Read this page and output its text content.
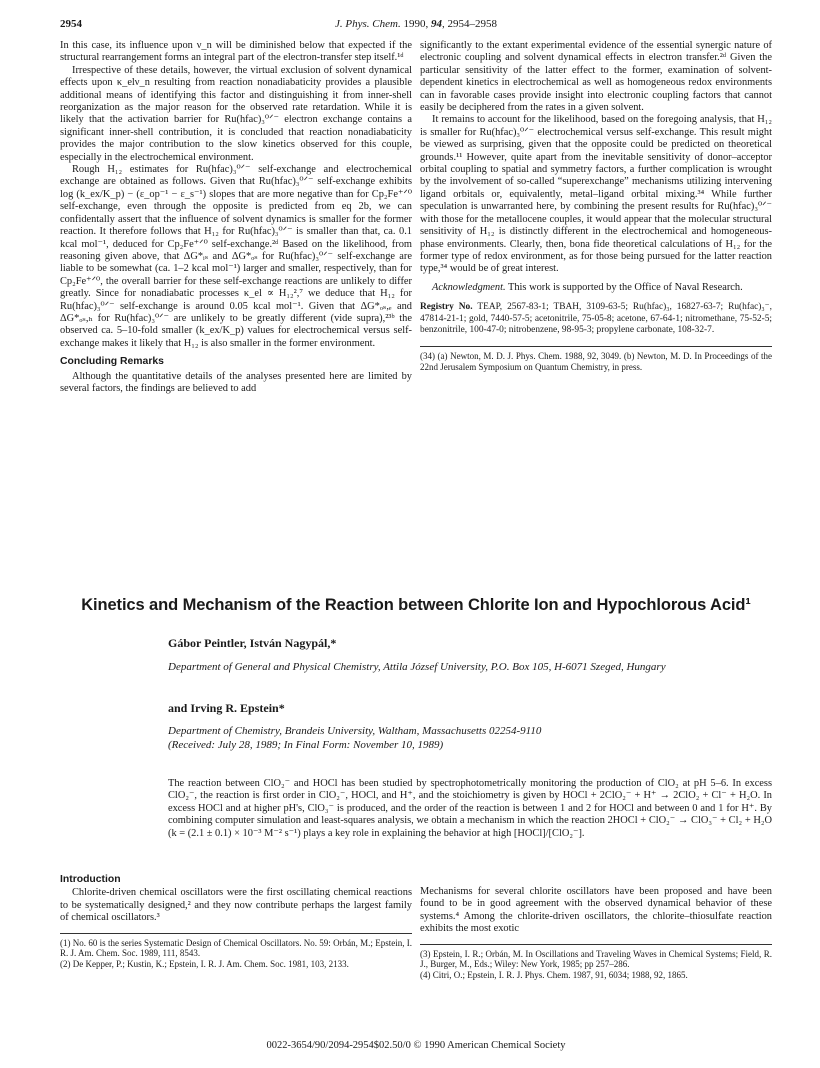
2954	J. Phys. Chem. 1990, 94, 2954–2958

In this case, its influence upon ν_n will be diminished below that expected if the structural rearrangement forms an integral part of the electron-transfer step itself.¹ᵈ

Irrespective of these details, however, the virtual exclusion of solvent dynamical effects upon κ_elν_n resulting from reaction nonadiabaticity provides a plausible additional means of identifying this factor and distinguishing it from inner-shell reorganization as the major reason for the observed rate retardation. While it is likely that the activation barrier for Ru(hfac)₃⁰ᐟ⁻ electron exchange contains a significant inner-shell contribution, it is concluded that reaction nonadiabaticity provides the major contribution to the slow kinetics observed for this couple, especially in the electrochemical environment.

Rough H₁₂ estimates for Ru(hfac)₃⁰ᐟ⁻ self-exchange and electrochemical exchange are obtained as follows. Given that Ru(hfac)₃⁰ᐟ⁻ self-exchange exhibits log (k_ex/K_p) − (ε_op⁻¹ − ε_s⁻¹) slopes that are more negative than for Cp₂Fe⁺ᐟ⁰ self-exchange, even through the opposite is predicted from eq 2b, we can confidentally assert that the influence of solvent dynamics is smaller for the former reaction. It therefore follows that H₁₂ for Ru(hfac)₃⁰ᐟ⁻ is smaller than that, ca. 0.1 kcal mol⁻¹, deduced for Cp₂Fe⁺ᐟ⁰ self-exchange.²ᵈ Based on the likelihood, from reasoning given above, that ΔG*ᵢₛ and ΔG*ₒₛ for Ru(hfac)₃⁰ᐟ⁻ self-exchange are liable to be somewhat (ca. 1–2 kcal mol⁻¹) larger and smaller, respectively, than for Cp₂Fe⁺ᐟ⁰, the overall barrier for these self-exchange reactions are unlikely to differ greatly. Since for nonadiabatic processes κ_el ∝ H₁₂²,⁷ we deduce that H₁₂ for Ru(hfac)₃⁰ᐟ⁻ self-exchange is around 0.05 kcal mol⁻¹. Given that ΔG*ₒₛ,ₑ and ΔG*ₒₛ,ₕ for Ru(hfac)₃⁰ᐟ⁻ are unlikely to be greatly different (vide supra),²³ᵇ the observed ca. 5–10-fold smaller (k_ex/K_p) values for electrochemical versus self-exchange makes it likely that H₁₂ is also smaller in the former environment.

Concluding Remarks

Although the quantitative details of the analyses presented here are limited by several factors, the findings are believed to add

significantly to the extant experimental evidence of the essential synergic nature of electronic coupling and solvent dynamical effects in electron transfer.²ᵈ Given the particular sensitivity of the latter effect to the former, examination of solvent-dependent kinetics in electrochemical as well as homogeneous redox environments can in favorable cases provide insight into electronic coupling factors that cannot easily be deciphered from the rates in a given solvent.

It remains to account for the likelihood, based on the foregoing analysis, that H₁₂ is smaller for Ru(hfac)₃⁰ᐟ⁻ electrochemical versus self-exchange. This result might be viewed as surprising, given that the opposite could be predicted on theoretical grounds.¹¹ However, quite apart from the inevitable sensitivity of donor–acceptor orbital coupling to spatial and symmetry factors, a further complication is wrought by the involvement of so-called “superexchange” mechanisms utilizing intervening ligand orbitals or, equivalently, metal–ligand orbital mixing.³⁴ While further speculation is unwarranted here, by combining the present results for Ru(hfac)₃⁰ᐟ⁻ with those for the metallocene couples, it would appear that the molecular structural sensitivity of H₁₂ is distinctly different in the electrochemical and homogeneous-phase environments. Clearly, then, bona fide theoretical calculations of H₁₂ for the former type of redox environment, as for those being pursued for the latter reaction type,³⁴ would be of great interest.

Acknowledgment. This work is supported by the Office of Naval Research.

Registry No. TEAP, 2567-83-1; TBAH, 3109-63-5; Ru(hfac)₃, 16827-63-7; Ru(hfac)₃⁻, 47814-21-1; gold, 7440-57-5; acetonitrile, 75-05-8; acetone, 67-64-1; nitromethane, 75-52-5; benzonitrile, 100-47-0; nitrobenzene, 98-95-3; propylene carbonate, 108-32-7.

(34) (a) Newton, M. D. J. Phys. Chem. 1988, 92, 3049. (b) Newton, M. D. In Proceedings of the 22nd Jerusalem Symposium on Quantum Chemistry, in press.

Kinetics and Mechanism of the Reaction between Chlorite Ion and Hypochlorous Acid¹
Gábor Peintler, István Nagypál,*
Department of General and Physical Chemistry, Attila József University, P.O. Box 105, H-6071 Szeged, Hungary
and Irving R. Epstein*
Department of Chemistry, Brandeis University, Waltham, Massachusetts 02254-9110
(Received: July 28, 1989; In Final Form: November 10, 1989)
The reaction between ClO₂⁻ and HOCl has been studied by spectrophotometrically monitoring the production of ClO₂ at pH 5–6. In excess ClO₂⁻, the reaction is first order in ClO₂⁻, HOCl, and H⁺, and the stoichiometry is given by HOCl + 2ClO₂⁻ + H⁺ → 2ClO₂ + Cl⁻ + H₂O. In excess HOCl and at higher pH's, ClO₃⁻ is produced, and the order of the reaction is between 1 and 2 for HOCl and between 0 and 1 for H⁺. By combining computer simulation and least-squares analysis, we obtain a mechanism in which the reaction 2HOCl + ClO₂⁻ → ClO₃⁻ + Cl₂ + H₂O (k = (2.1 ± 0.1) × 10⁻³ M⁻² s⁻¹) plays a key role in explaining the behavior at high [HOCl]/[ClO₂⁻].
Introduction

Chlorite-driven chemical oscillators were the first oscillating chemical reactions to be systematically designed,² and they now contribute perhaps the largest family of chemical oscillators.³

(1) No. 60 is the series Systematic Design of Chemical Oscillators. No. 59: Orbán, M.; Epstein, I. R. J. Am. Chem. Soc. 1989, 111, 8543.

(2) De Kepper, P.; Kustin, K.; Epstein, I. R. J. Am. Chem. Soc. 1981, 103, 2133.

Mechanisms for several chlorite oscillators have been proposed and have been found to be in good agreement with the observed dynamical behavior of these systems.⁴ Among the chlorite-driven oscillators, the chlorite–thiosulfate reaction exhibits the most exotic

(3) Epstein, I. R.; Orbán, M. In Oscillations and Traveling Waves in Chemical Systems; Field, R. J., Burger, M., Eds.; Wiley: New York, 1985; pp 257–286.

(4) Citri, O.; Epstein, I. R. J. Phys. Chem. 1987, 91, 6034; 1988, 92, 1865.

0022-3654/90/2094-2954$02.50/0 © 1990 American Chemical Society
